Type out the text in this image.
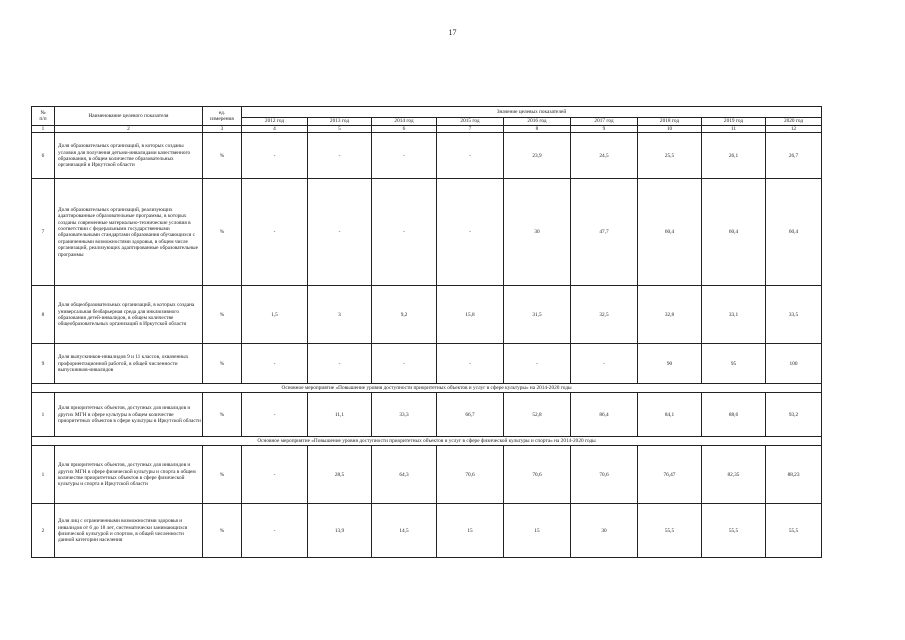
17
№
п/п	Наименование целевого показателя	ед.
измерения	Значение целевых показателей								
			2012 год	2013 год	2014 год	2015 год	2016 год	2017 год	2018 год	2019 год	2020 год
1	2	3	4	5	6	7	8	9	10	11	12
6	Доля образовательных организаций, в которых созданы условия для получения детьми-инвалидами качественного образования, в общем количестве образовательных организаций в Иркутской области	%	-	-	-	-	23,9	24,5	25,5	26,1	26,7
7	Доля образовательных организаций, реализующих адаптированные образовательные программы, в которых созданы современные материально-технические условия в соответствии с федеральными государственными образовательными стандартами образования обучающихся с ограниченными возможностями здоровья, в общем числе организаций, реализующих адаптированные образовательные программы	%	-	-	-	-	30	47,7	60,4	60,4	60,4
8	Доля общеобразовательных организаций, в которых создана универсальная безбарьерная среда для инклюзивного образования детей-инвалидов, в общем количестве общеобразовательных организаций в Иркутской области	%	1,5	3	9,2	15,8	31,5	32,5	32,8	33,1	33,5
9	Доля выпускников-инвалидов 9 и 11 классов, охваченных профориентационной работой, в общей численности выпускников-инвалидов	%	-	-	-	-	-	-	90	95	100
Основное мероприятие «Повышение уровня доступности приоритетных объектов и услуг в сфере культуры» на 2014-2020 годы											
1	Доля приоритетных объектов, доступных для инвалидов и других МГН в сфере культуры в общем количестве приоритетных объектов в сфере культуры в Иркутской области	%	-	11,1	33,3	66,7	52,8	86,4	84,1	88,6	93,2
Основное мероприятие «Повышение уровня доступности приоритетных объектов и услуг в сфере физической культуры и спорта» на 2014-2020 годы											
1	Доля приоритетных объектов, доступных для инвалидов и других МГН в сфере физической культуры и спорта в общем количестве приоритетных объектов в сфере физической культуры и спорта в Иркутской области	%	-	28,5	64,3	70,6	70,6	70,6	76,47	82,35	88,23
2	Доля лиц с ограниченными возможностями здоровья и инвалидов от 6 до 18 лет, систематически занимающихся физической культурой и спортом, в общей численности данной категории населения	%	-	13,9	14,5	15	15	30	55,5	55,5	55,5
